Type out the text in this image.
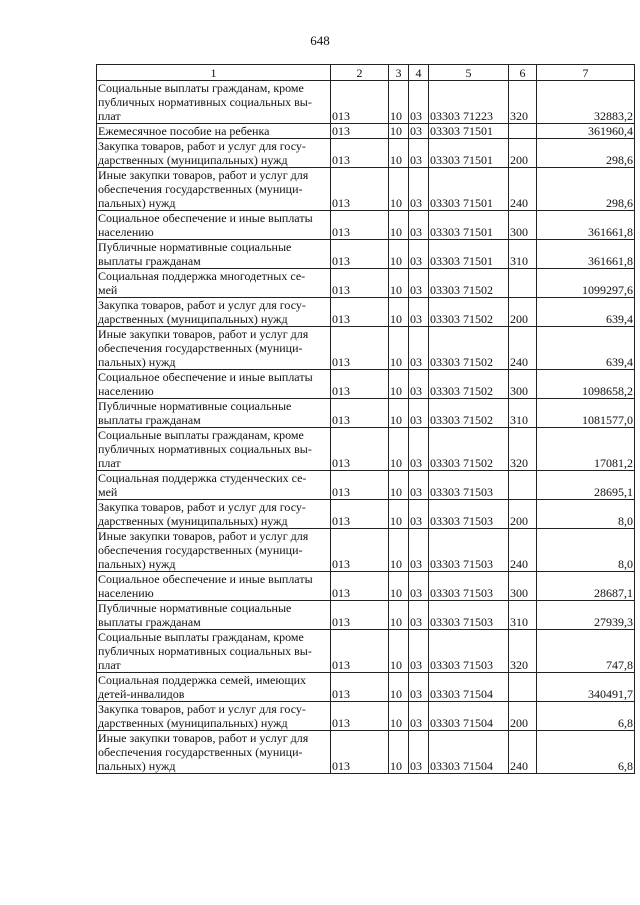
648
1	2	3	4	5	6	7

Социальные выплаты гражданам, кроме
публичных нормативных социальных вы-
плат	013	10	03	03303 71223	320	32883,2

Ежемесячное пособие на ребенка	013	10	03	03303 71501		361960,4

Закупка товаров, работ и услуг для госу-
дарственных (муниципальных) нужд	013	10	03	03303 71501	200	298,6

Иные закупки товаров, работ и услуг для
обеспечения государственных (муници-
пальных) нужд	013	10	03	03303 71501	240	298,6

Социальное обеспечение и иные выплаты
населению	013	10	03	03303 71501	300	361661,8

Публичные нормативные социальные
выплаты гражданам	013	10	03	03303 71501	310	361661,8

Социальная поддержка многодетных се-
мей	013	10	03	03303 71502		1099297,6

Закупка товаров, работ и услуг для госу-
дарственных (муниципальных) нужд	013	10	03	03303 71502	200	639,4

Иные закупки товаров, работ и услуг для
обеспечения государственных (муници-
пальных) нужд	013	10	03	03303 71502	240	639,4

Социальное обеспечение и иные выплаты
населению	013	10	03	03303 71502	300	1098658,2

Публичные нормативные социальные
выплаты гражданам	013	10	03	03303 71502	310	1081577,0

Социальные выплаты гражданам, кроме
публичных нормативных социальных вы-
плат	013	10	03	03303 71502	320	17081,2

Социальная поддержка студенческих се-
мей	013	10	03	03303 71503		28695,1

Закупка товаров, работ и услуг для госу-
дарственных (муниципальных) нужд	013	10	03	03303 71503	200	8,0

Иные закупки товаров, работ и услуг для
обеспечения государственных (муници-
пальных) нужд	013	10	03	03303 71503	240	8,0

Социальное обеспечение и иные выплаты
населению	013	10	03	03303 71503	300	28687,1

Публичные нормативные социальные
выплаты гражданам	013	10	03	03303 71503	310	27939,3

Социальные выплаты гражданам, кроме
публичных нормативных социальных вы-
плат	013	10	03	03303 71503	320	747,8

Социальная поддержка семей, имеющих
детей-инвалидов	013	10	03	03303 71504		340491,7

Закупка товаров, работ и услуг для госу-
дарственных (муниципальных) нужд	013	10	03	03303 71504	200	6,8

Иные закупки товаров, работ и услуг для
обеспечения государственных (муници-
пальных) нужд	013	10	03	03303 71504	240	6,8
